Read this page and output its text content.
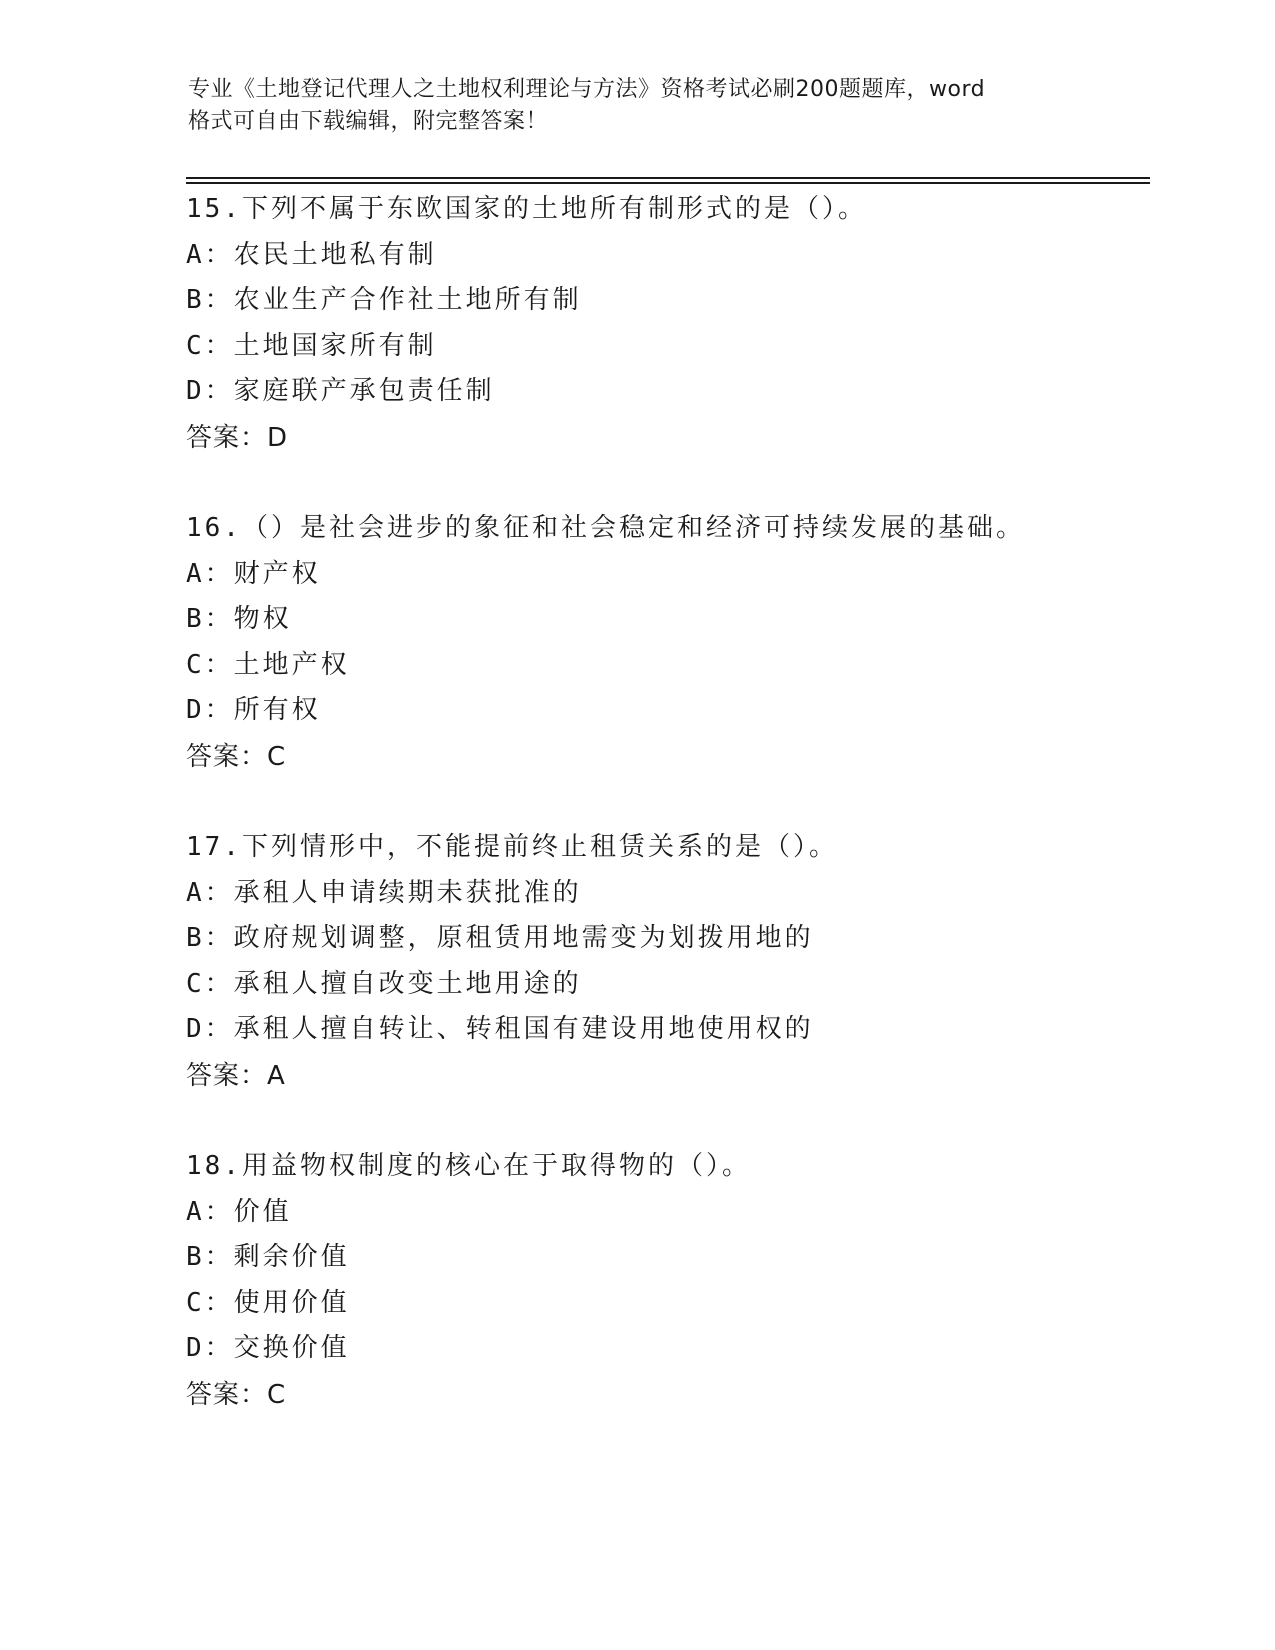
专业《土地登记代理人之土地权利理论与方法》资格考试必刷200题题库，word
格式可自由下载编辑，附完整答案！
15.下列不属于东欧国家的土地所有制形式的是（）。
A：农民土地私有制
B：农业生产合作社土地所有制
C：土地国家所有制
D：家庭联产承包责任制
答案：D
16.（）是社会进步的象征和社会稳定和经济可持续发展的基础。
A：财产权
B：物权
C：土地产权
D：所有权
答案：C
17.下列情形中，不能提前终止租赁关系的是（）。
A：承租人申请续期未获批准的
B：政府规划调整，原租赁用地需变为划拨用地的
C：承租人擅自改变土地用途的
D：承租人擅自转让、转租国有建设用地使用权的
答案：A
18.用益物权制度的核心在于取得物的（）。
A：价值
B：剩余价值
C：使用价值
D：交换价值
答案：C
